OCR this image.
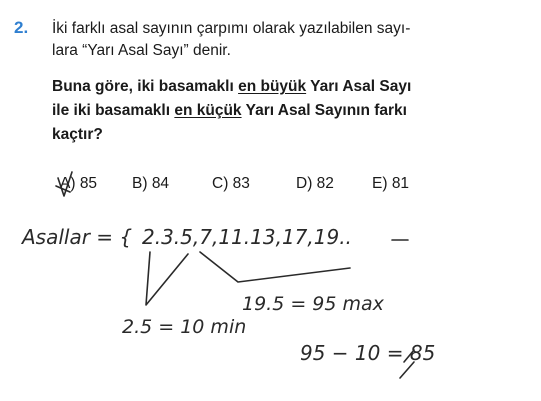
2. İki farklı asal sayının çarpımı olarak yazılabilen sayı-
lara “Yarı Asal Sayı” denir.
Buna göre, iki basamaklı en büyük Yarı Asal Sayı
ile iki basamaklı en küçük Yarı Asal Sayının farkı
kaçtır?
A) 85 B) 84	C) 83	D) 82 E) 81
Asallar = { 2.3.5,7,11.13,17,19..
19.5 = 95 max
2.5 = 10 min
95 − 10 = 85
